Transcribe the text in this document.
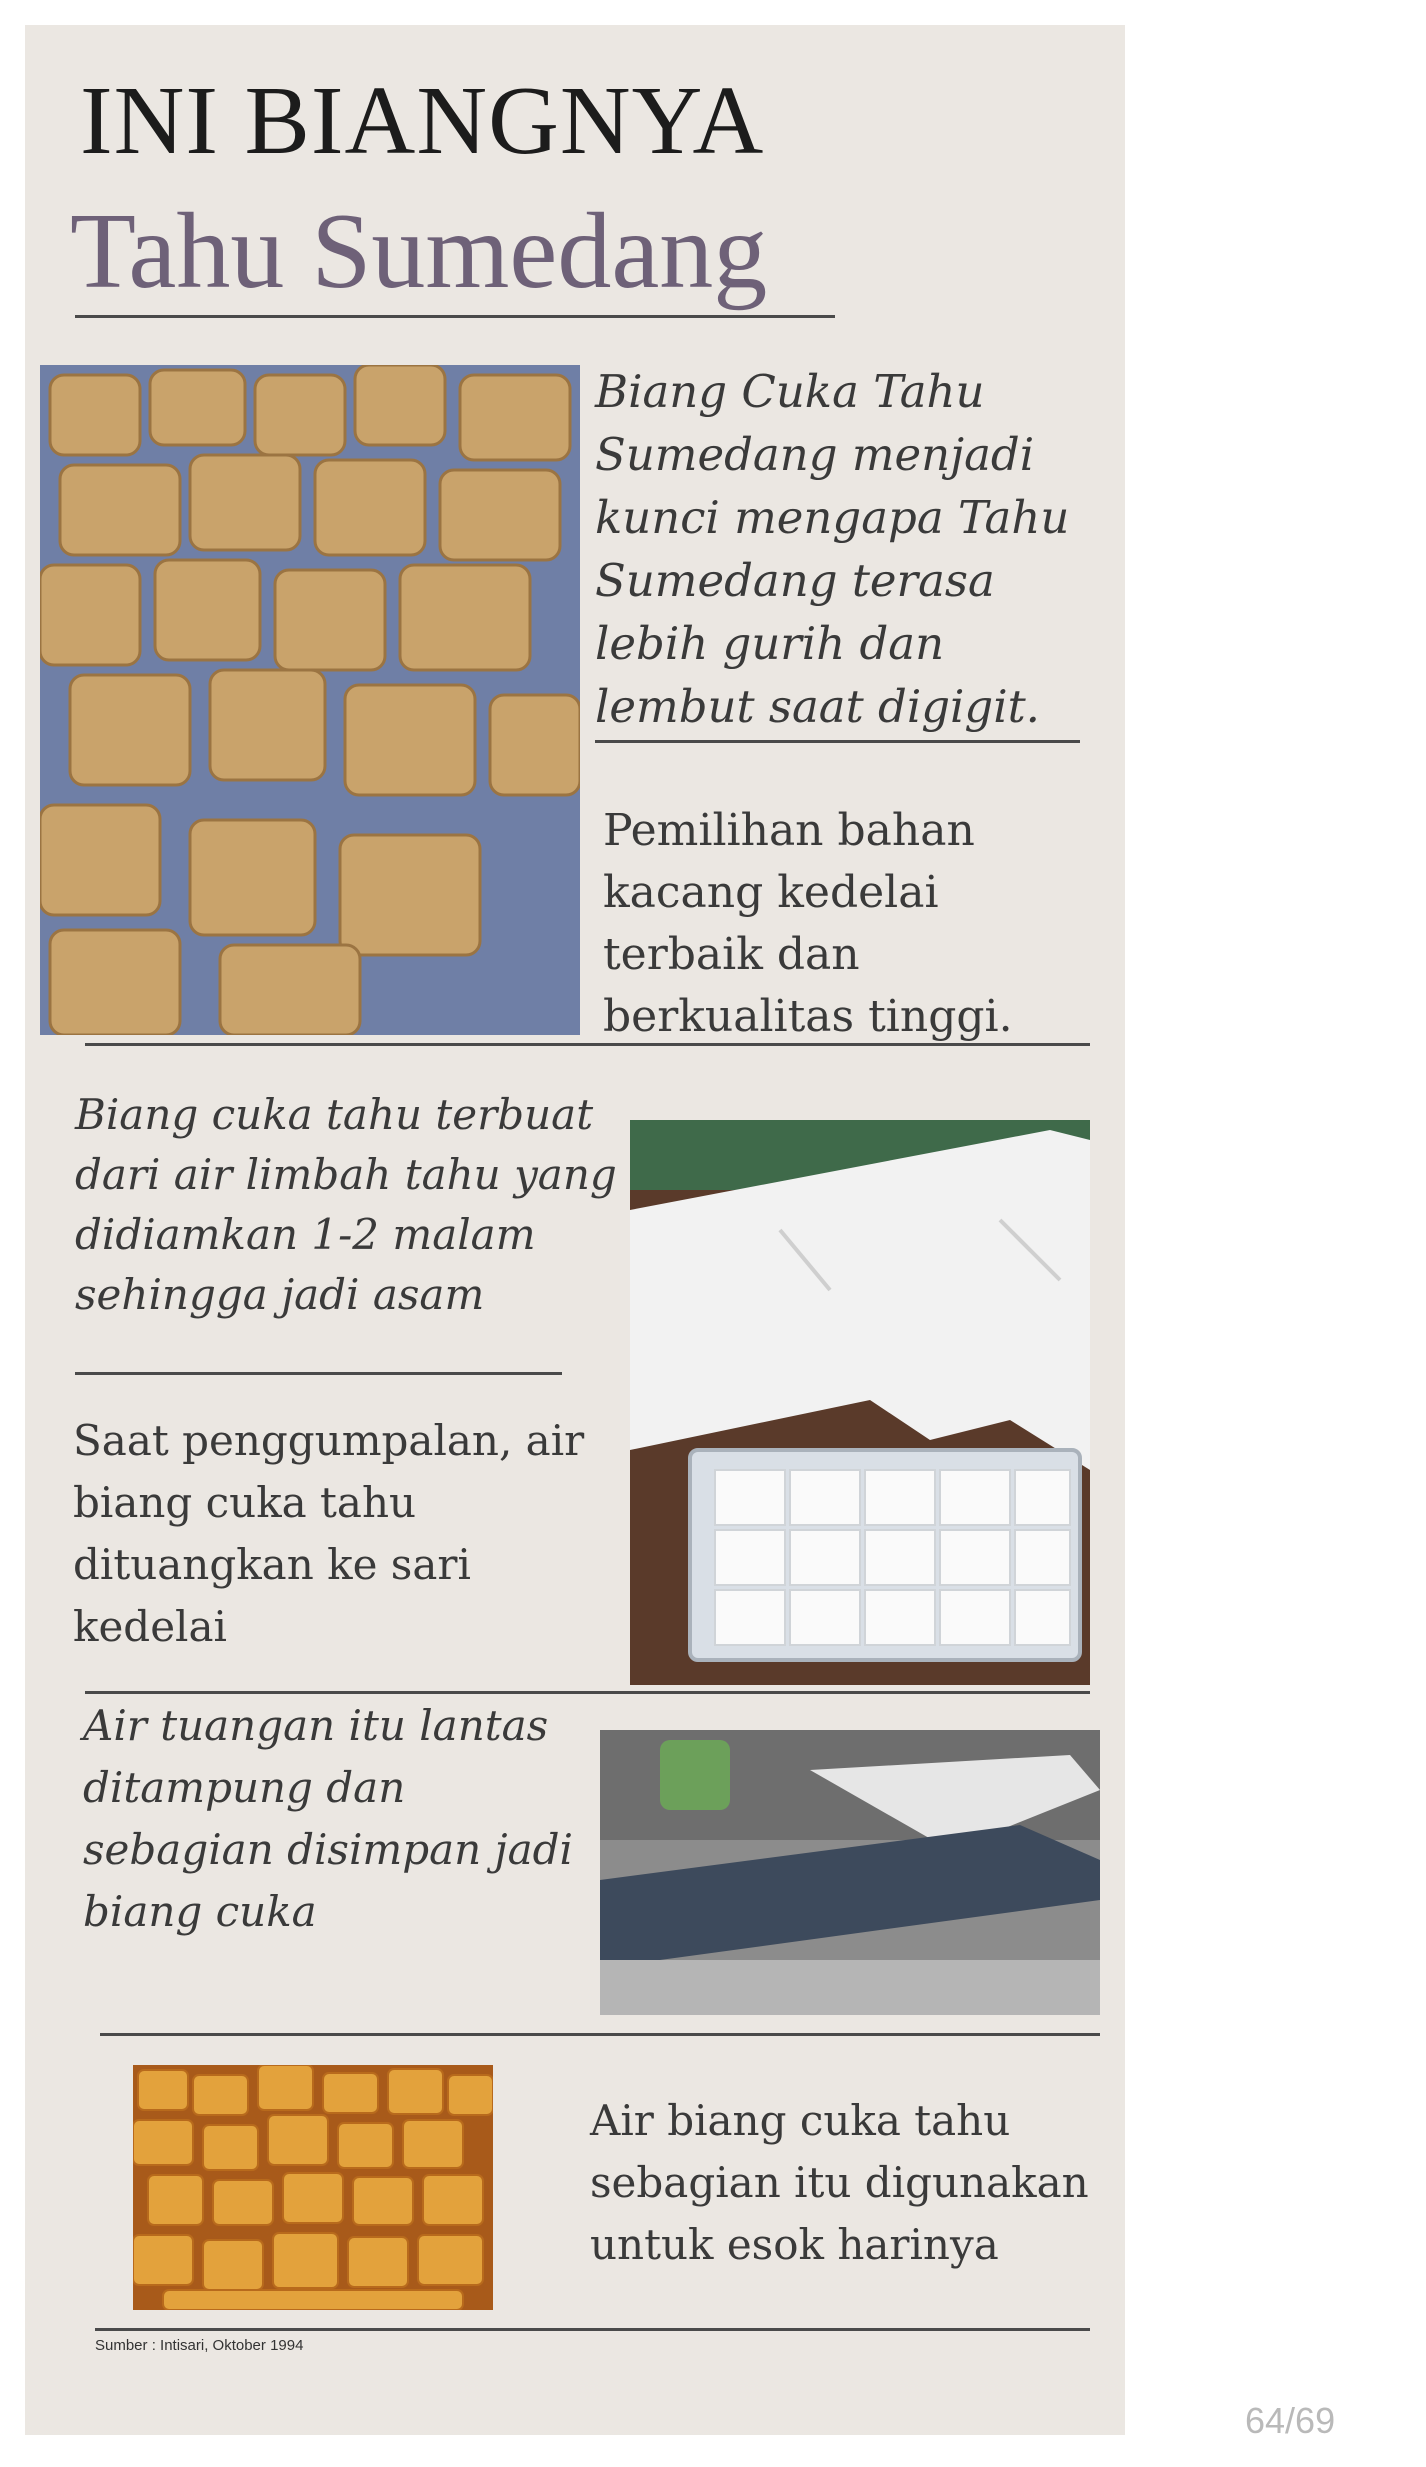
INI BIANGNYA
Tahu Sumedang

Biang Cuka Tahu Sumedang menjadi kunci mengapa Tahu Sumedang terasa lebih gurih dan lembut saat digigit.

Pemilihan bahan kacang kedelai terbaik dan berkualitas tinggi.

Biang cuka tahu terbuat dari air limbah tahu yang didiamkan 1-2 malam sehingga jadi asam

Saat penggumpalan, air biang cuka tahu dituangkan ke sari kedelai

Air tuangan itu lantas ditampung dan sebagian disimpan jadi biang cuka

Air biang cuka tahu sebagian itu digunakan untuk esok harinya

Sumber : Intisari, Oktober 1994
64/69
